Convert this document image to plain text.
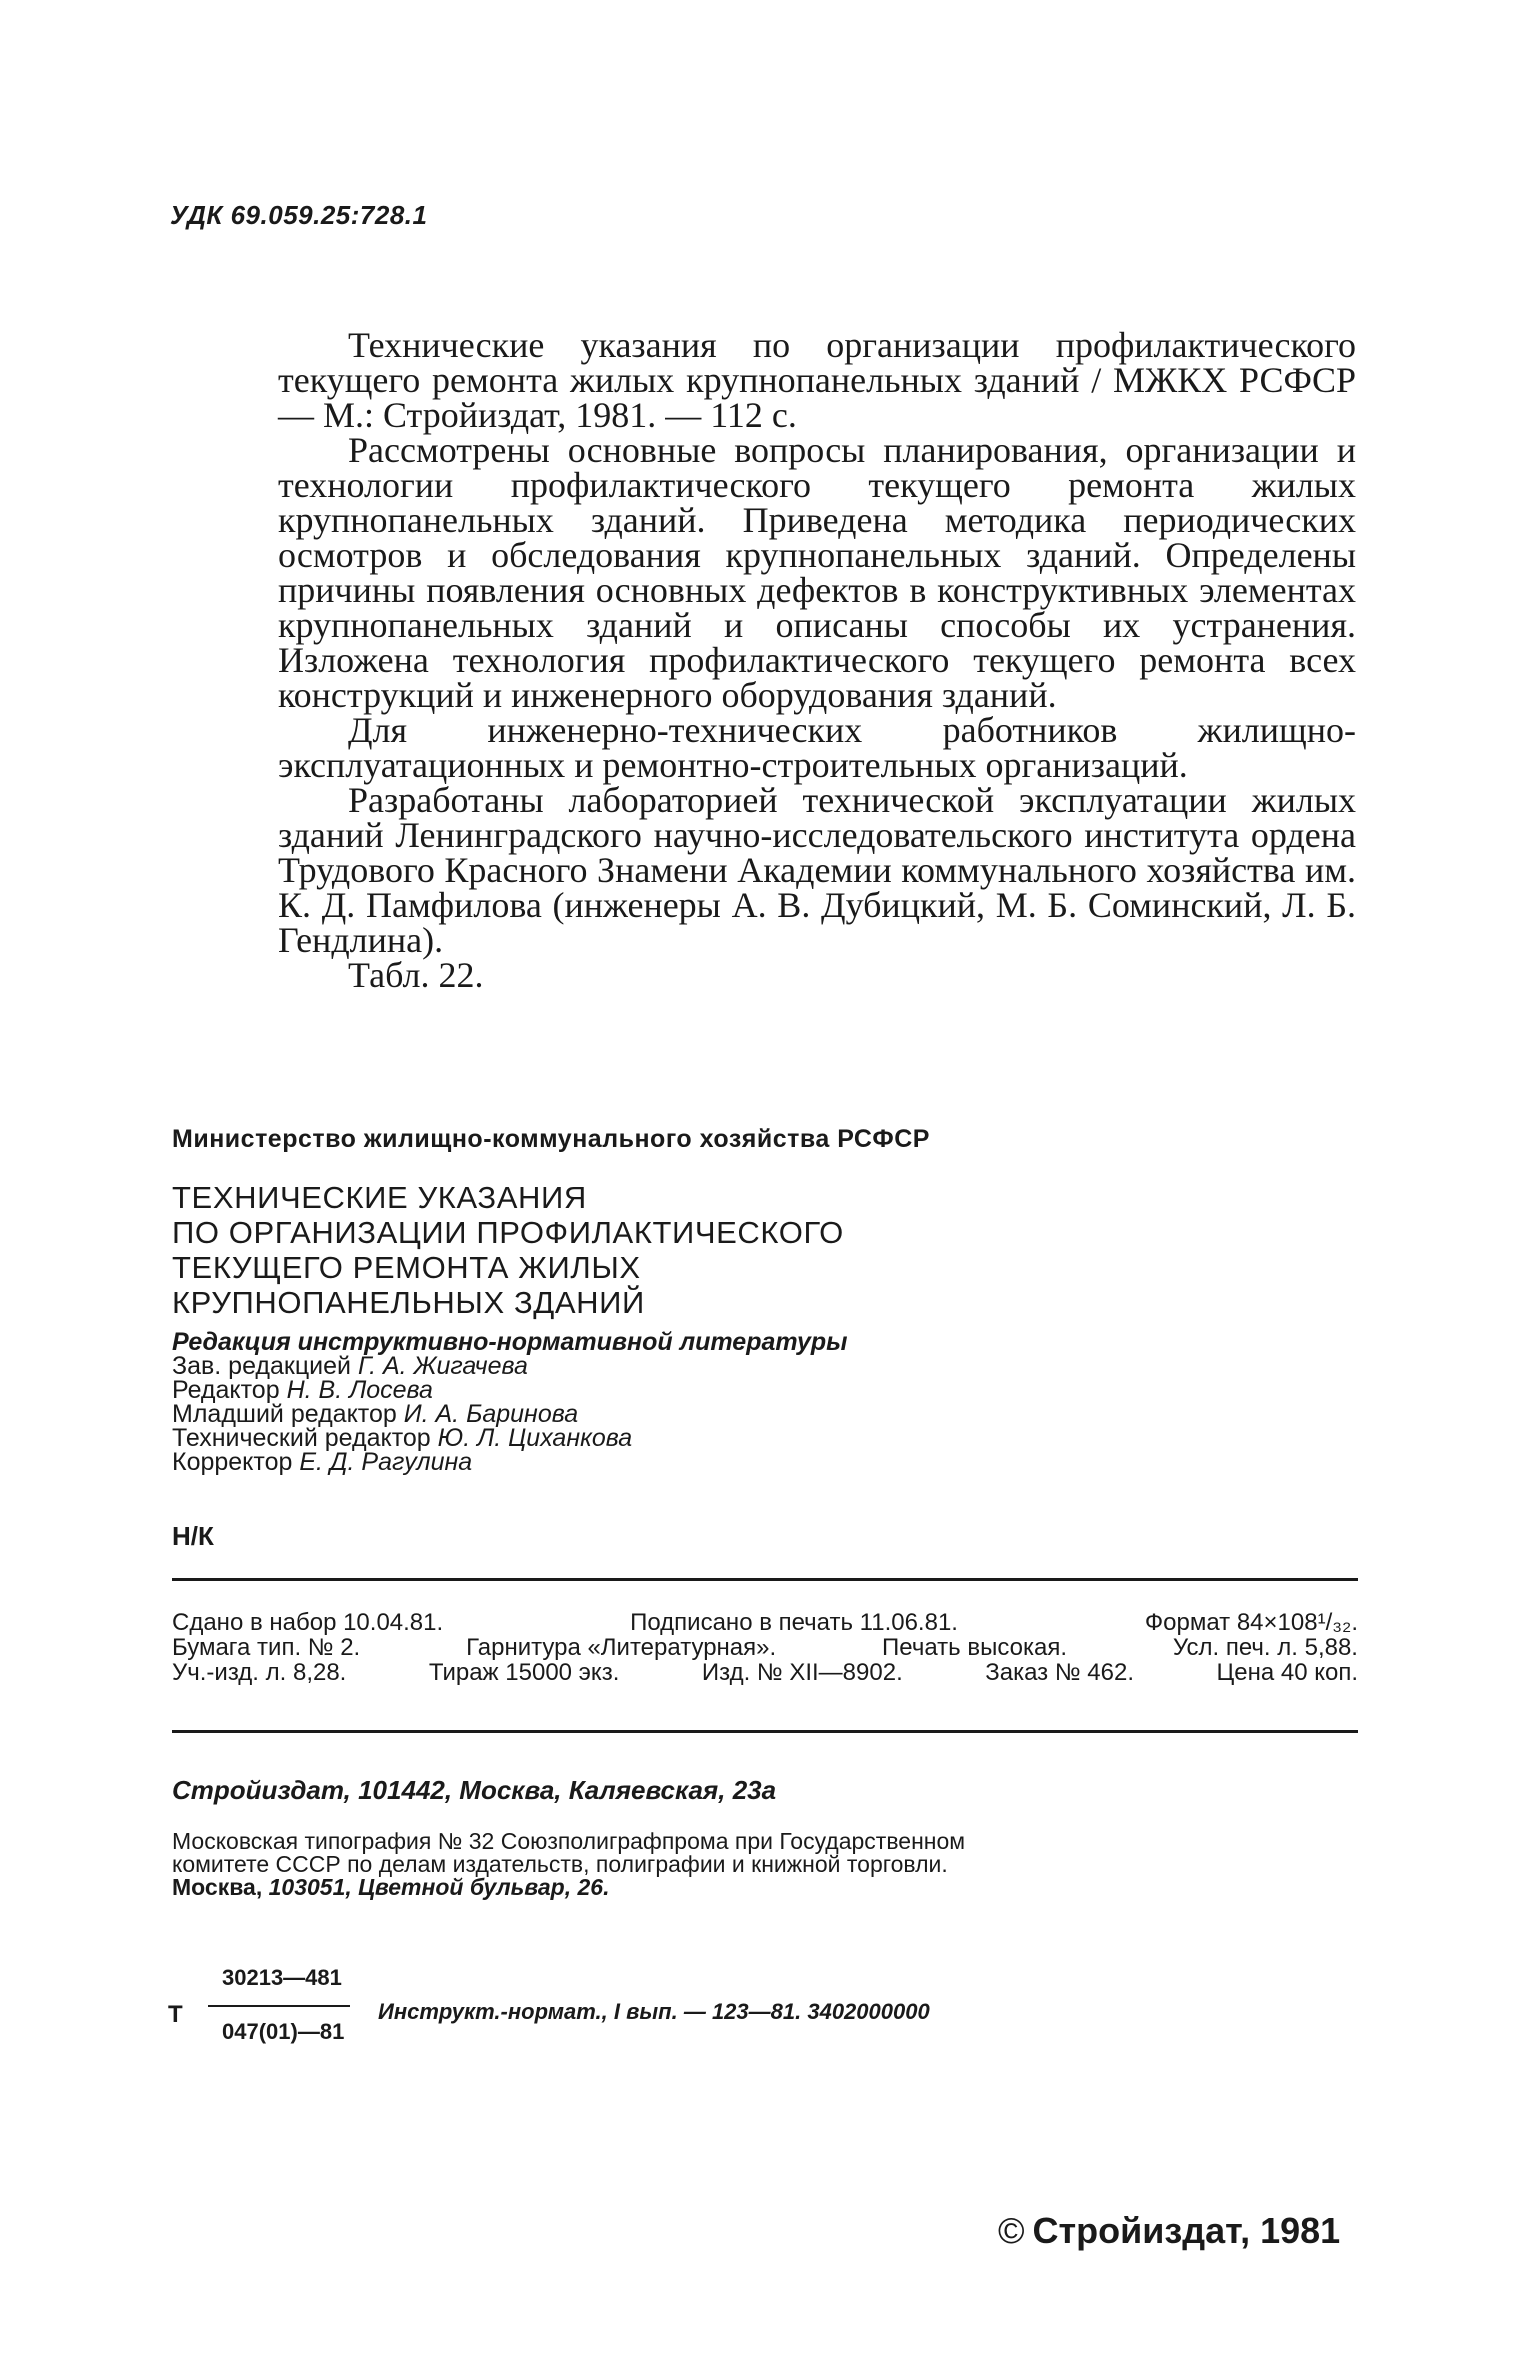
УДК 69.059.25:728.1

Технические указания по организации профилактического текущего ремонта жилых крупнопанельных зданий / МЖКХ РСФСР — М.: Стройиздат, 1981. — 112 с.

Рассмотрены основные вопросы планирования, организации и технологии профилактического текущего ремонта жилых крупнопанельных зданий. Приведена методика периодических осмотров и обследования крупнопанельных зданий. Определены причины появления основных дефектов в конструктивных элементах крупнопанельных зданий и описаны способы их устранения. Изложена технология профилактического текущего ремонта всех конструкций и инженерного оборудования зданий.

Для инженерно-технических работников жилищно-эксплуатационных и ремонтно-строительных организаций.

Разработаны лабораторией технической эксплуатации жилых зданий Ленинградского научно-исследовательского института ордена Трудового Красного Знамени Академии коммунального хозяйства им. К. Д. Памфилова (инженеры А. В. Дубицкий, М. Б. Соминский, Л. Б. Гендлина).

Табл. 22.

Министерство жилищно-коммунального хозяйства РСФСР
ТЕХНИЧЕСКИЕ УКАЗАНИЯ
ПО ОРГАНИЗАЦИИ ПРОФИЛАКТИЧЕСКОГО
ТЕКУЩЕГО РЕМОНТА ЖИЛЫХ
КРУПНОПАНЕЛЬНЫХ ЗДАНИЙ
Редакция инструктивно-нормативной литературы
Зав. редакцией Г. А. Жигачева
Редактор Н. В. Лосева
Младший редактор И. А. Баринова
Технический редактор Ю. Л. Циханкова
Корректор Е. Д. Рагулина
Н/К
Сдано в набор 10.04.81.	Подписано в печать 11.06.81.	Формат 84×108¹/₃₂.
Бумага тип. № 2.	Гарнитура «Литературная».	Печать высокая.	Усл. печ. л. 5,88.
Уч.-изд. л. 8,28.	Тираж 15000 экз.	Изд. № XII—8902.	Заказ № 462.	Цена 40 коп.
Стройиздат, 101442, Москва, Каляевская, 23а
Московская типография № 32 Союзполиграфпрома при Государственном
комитете СССР по делам издательств, полиграфии и книжной торговли.
Москва, 103051, Цветной бульвар, 26.
Т
30213—481
047(01)—81
Инструкт.-нормат., I вып. — 123—81. 3402000000
© Стройиздат, 1981
